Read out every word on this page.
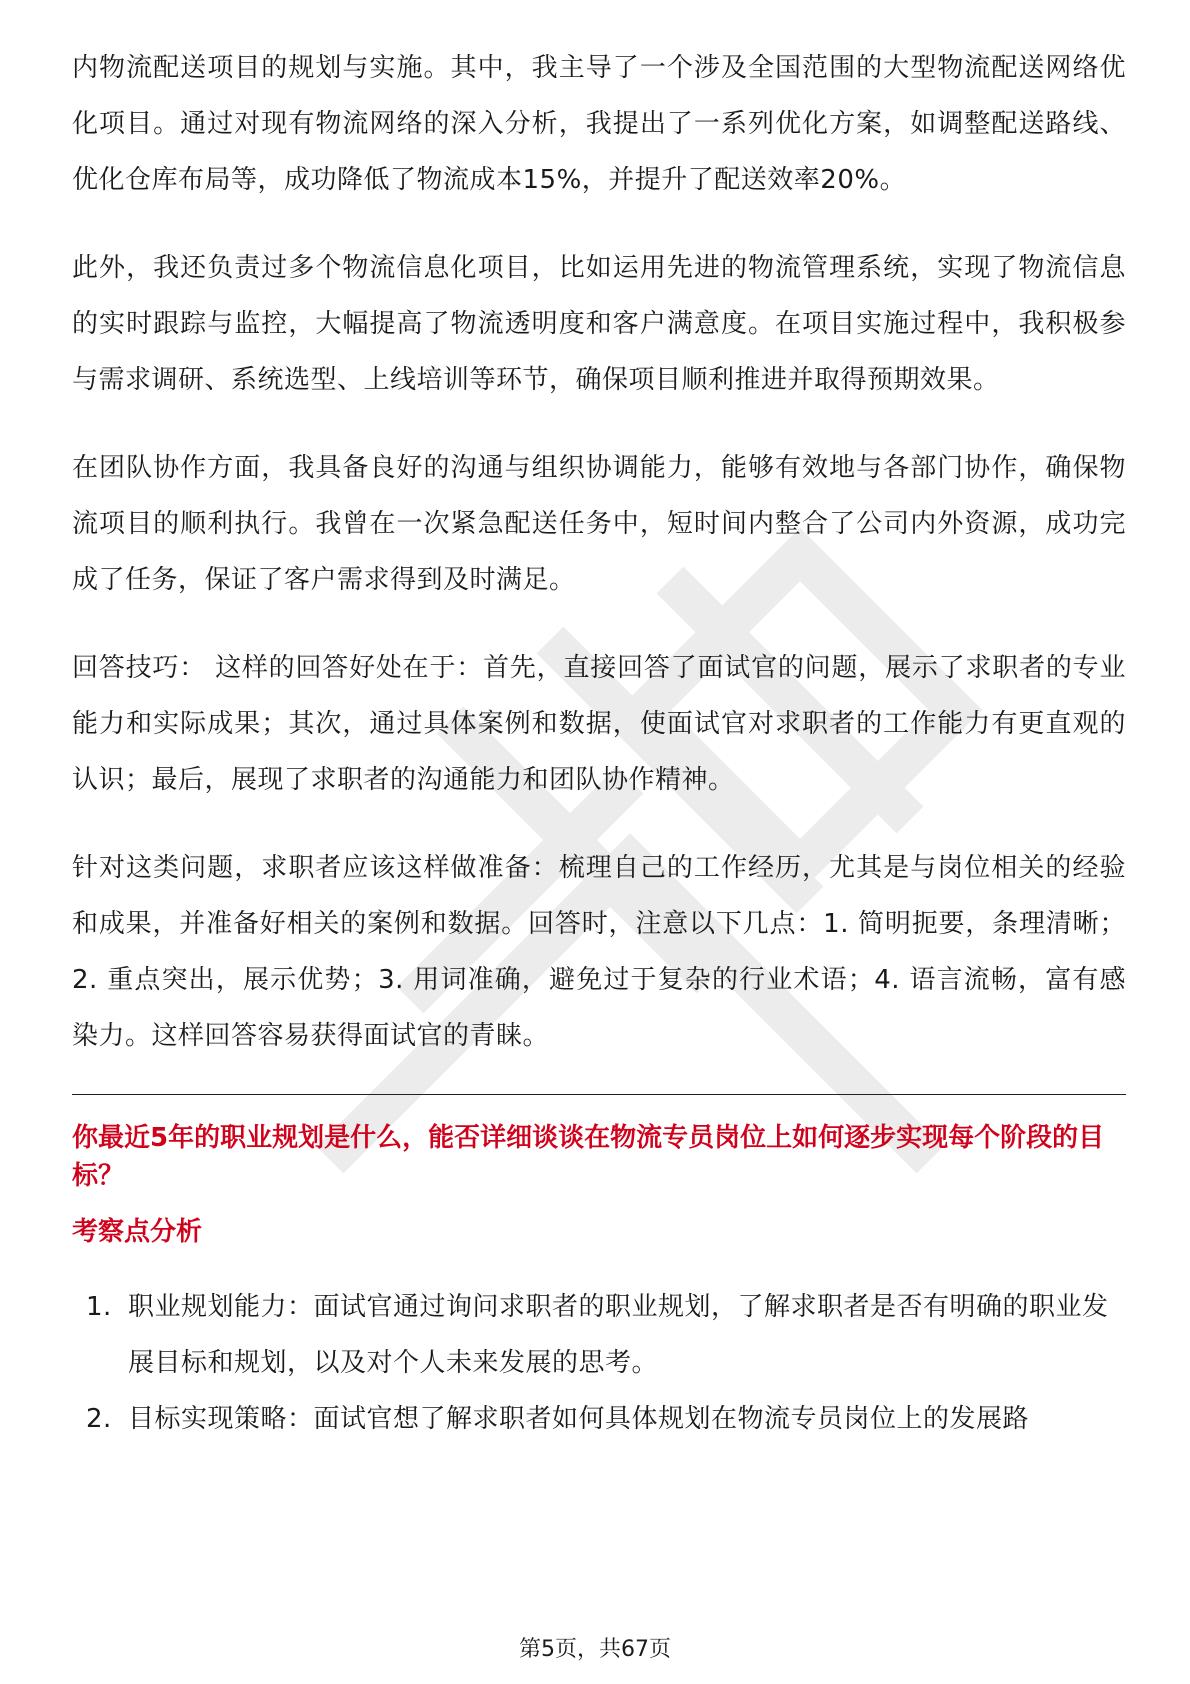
内物流配送项目的规划与实施。其中，我主导了一个涉及全国范围的大型物流配送网络优化项目。通过对现有物流网络的深入分析，我提出了一系列优化方案，如调整配送路线、优化仓库布局等，成功降低了物流成本15%，并提升了配送效率20%。

此外，我还负责过多个物流信息化项目，比如运用先进的物流管理系统，实现了物流信息的实时跟踪与监控，大幅提高了物流透明度和客户满意度。在项目实施过程中，我积极参与需求调研、系统选型、上线培训等环节，确保项目顺利推进并取得预期效果。

在团队协作方面，我具备良好的沟通与组织协调能力，能够有效地与各部门协作，确保物流项目的顺利执行。我曾在一次紧急配送任务中，短时间内整合了公司内外资源，成功完成了任务，保证了客户需求得到及时满足。

回答技巧： 这样的回答好处在于：首先，直接回答了面试官的问题，展示了求职者的专业能力和实际成果；其次，通过具体案例和数据，使面试官对求职者的工作能力有更直观的认识；最后，展现了求职者的沟通能力和团队协作精神。

针对这类问题，求职者应该这样做准备：梳理自己的工作经历，尤其是与岗位相关的经验和成果，并准备好相关的案例和数据。回答时，注意以下几点：1. 简明扼要，条理清晰；2. 重点突出，展示优势；3. 用词准确，避免过于复杂的行业术语；4. 语言流畅，富有感染力。这样回答容易获得面试官的青睐。

你最近5年的职业规划是什么，能否详细谈谈在物流专员岗位上如何逐步实现每个阶段的目标？
考察点分析
1. 职业规划能力：面试官通过询问求职者的职业规划，了解求职者是否有明确的职业发展目标和规划，以及对个人未来发展的思考。
2. 目标实现策略：面试官想了解求职者如何具体规划在物流专员岗位上的发展路
第5页，共67页
